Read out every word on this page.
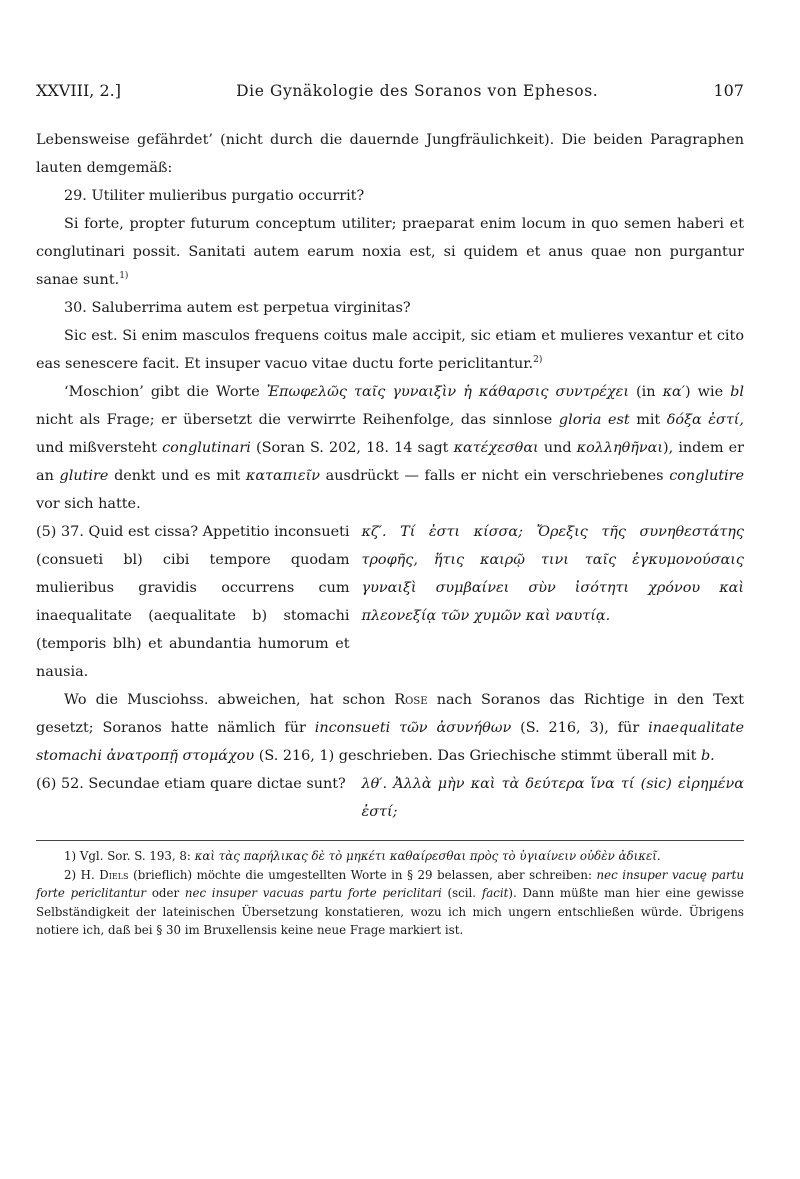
XXVIII, 2.]	Die Gynäkologie des Soranos von Ephesos.	107

Lebensweise gefährdet’ (nicht durch die dauernde Jungfräulichkeit). Die beiden Paragraphen lauten demgemäß:

29. Utiliter mulieribus purgatio occurrit?

Si forte, propter futurum conceptum utiliter; praeparat enim locum in quo semen haberi et conglutinari possit. Sanitati autem earum noxia est, si quidem et anus quae non purgantur sanae sunt.$^{1)}$

30. Saluberrima autem est perpetua virginitas?

Sic est. Si enim masculos frequens coitus male accipit, sic etiam et mulieres vexantur et cito eas senescere facit. Et insuper vacuo vitae ductu forte periclitantur.$^{2)}$

‘Moschion’ gibt die Worte Ἐπωφελῶς ταῖς γυναιξὶν ἡ κάθαρσις συντρέχει (in κα′) wie bl nicht als Frage; er übersetzt die verwirrte Reihenfolge, das sinnlose gloria est mit δόξα ἐστί, und mißversteht conglutinari (Soran S. 202, 18. 14 sagt κατέχεσθαι und κολληθῆναι), indem er an glutire denkt und es mit καταπιεῖν ausdrückt — falls er nicht ein verschriebenes conglutire vor sich hatte.

(5) 37. Quid est cissa? Appetitio inconsueti (consueti bl) cibi tempore quodam mulieribus gravidis occurrens cum inaequalitate (aequalitate b) stomachi (temporis blh) et abundantia humorum et nausia.
κζ′. Τί ἐστι κίσσα; Ὄρεξις τῆς συνηθεστάτης τροφῆς, ἥτις καιρῷ τινι ταῖς ἐγκυμονούσαις γυναιξὶ συμβαίνει σὺν ἰσότητι χρόνου καὶ πλεονεξίᾳ τῶν χυμῶν καὶ ναυτίᾳ.

Wo die Musciohss. abweichen, hat schon Rose nach Soranos das Richtige in den Text gesetzt; Soranos hatte nämlich für inconsueti τῶν ἀσυνήθων (S. 216, 3), für inaequalitate stomachi ἀνατροπῇ στομάχου (S. 216, 1) geschrieben. Das Griechische stimmt überall mit b.

(6) 52. Secundae etiam quare dictae sunt? λθ′. Ἀλλὰ μὴν καὶ τὰ δεύτερα ἵνα τί (sic) εἰρημένα ἐστί;

1) Vgl. Sor. S. 193, 8: καὶ τὰς παρήλικας δὲ τὸ μηκέτι καθαίρεσθαι πρὸς τὸ ὑγιαίνειν οὐδὲν ἀδικεῖ.

2) H. Diels (brieflich) möchte die umgestellten Worte in § 29 belassen, aber schreiben: nec insuper vacuę partu forte periclitantur oder nec insuper vacuas partu forte periclitari (scil. facit). Dann müßte man hier eine gewisse Selbständigkeit der lateinischen Übersetzung konstatieren, wozu ich mich ungern entschließen würde. Übrigens notiere ich, daß bei § 30 im Bruxellensis keine neue Frage markiert ist.
